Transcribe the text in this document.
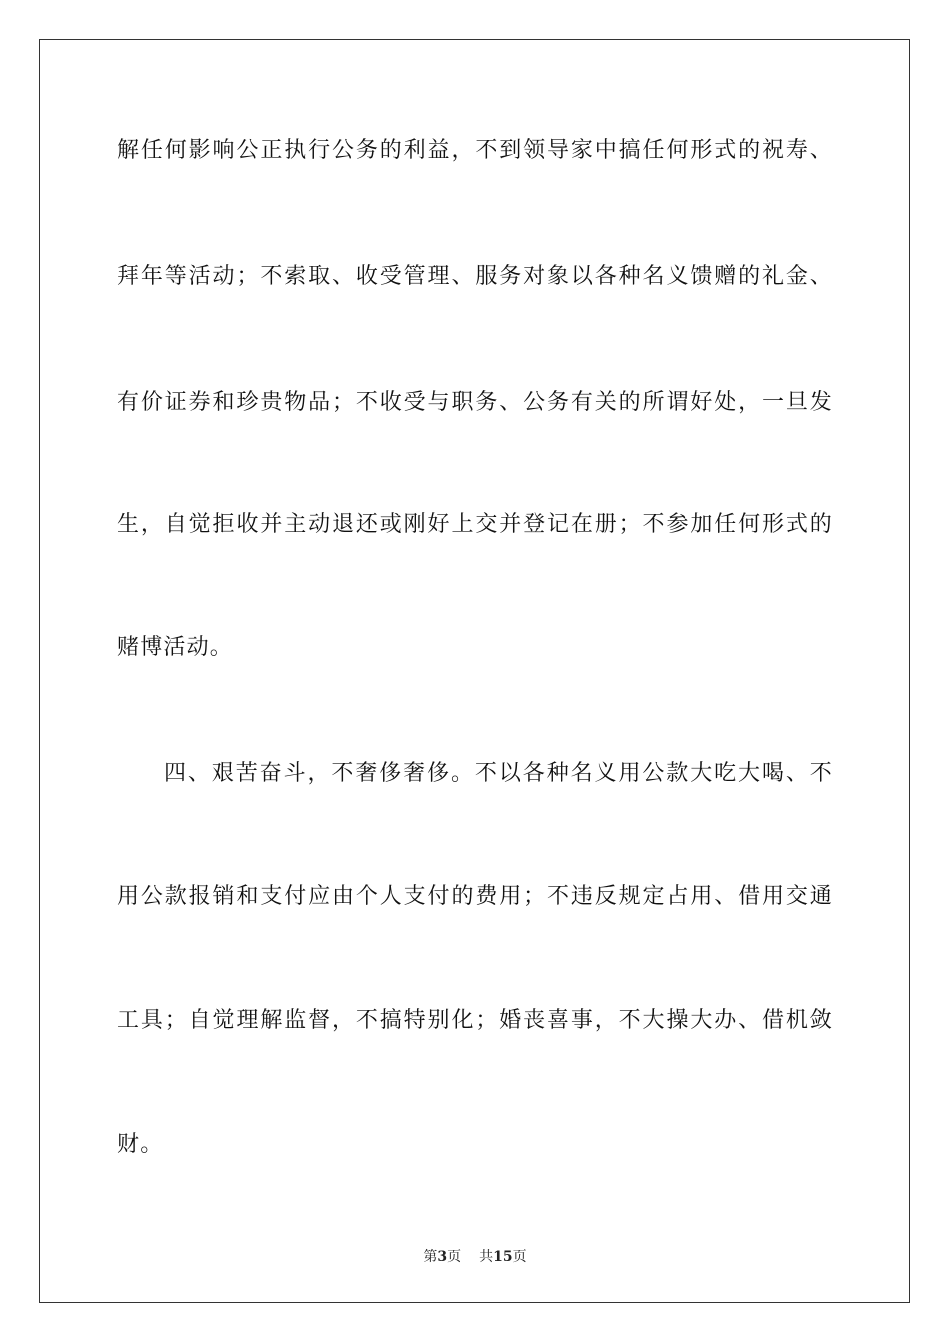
解任何影响公正执行公务的利益，不到领导家中搞任何形式的祝寿、
拜年等活动；不索取、收受管理、服务对象以各种名义馈赠的礼金、
有价证券和珍贵物品；不收受与职务、公务有关的所谓好处，一旦发
生，自觉拒收并主动退还或刚好上交并登记在册；不参加任何形式的
赌博活动。
四、艰苦奋斗，不奢侈奢侈。不以各种名义用公款大吃大喝、不
用公款报销和支付应由个人支付的费用；不违反规定占用、借用交通
工具；自觉理解监督，不搞特别化；婚丧喜事，不大操大办、借机敛
财。
第3页 共15页
